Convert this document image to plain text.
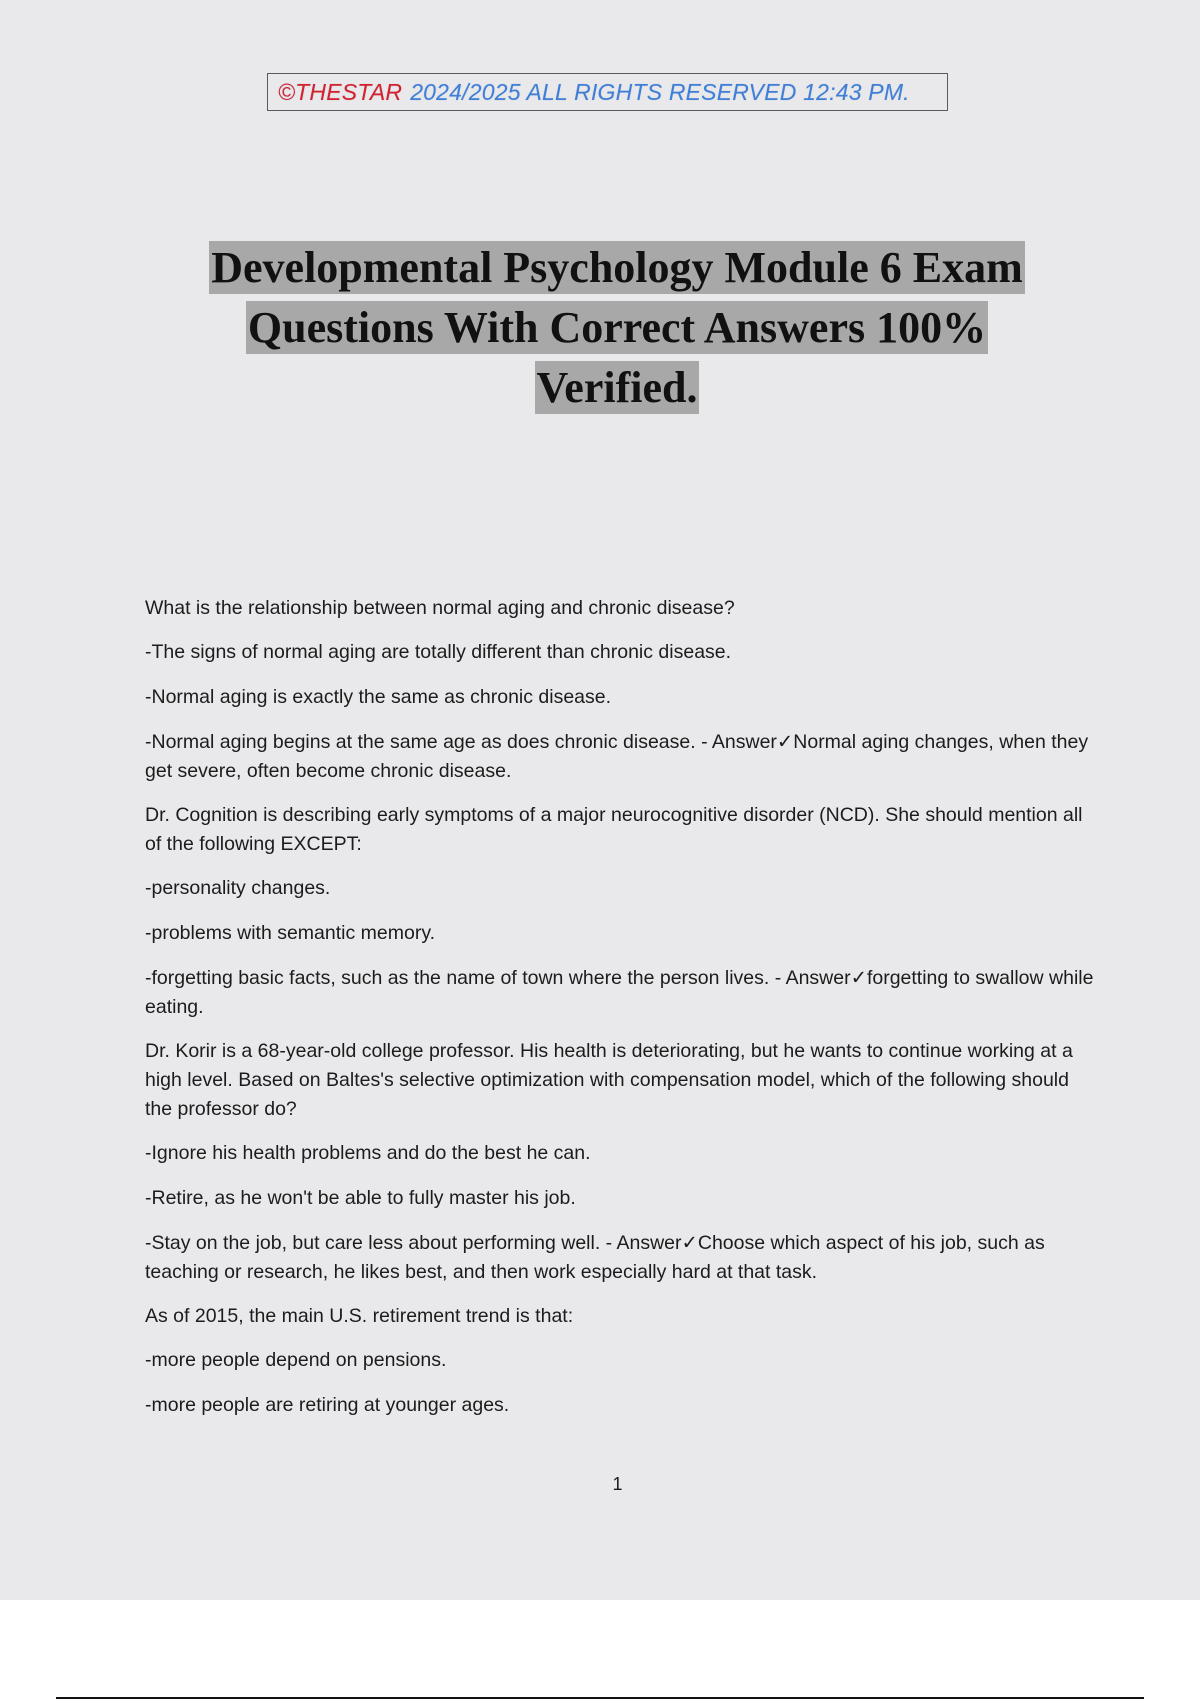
©THESTAR 2024/2025 ALL RIGHTS RESERVED 12:43 PM.
Developmental Psychology Module 6 Exam
Questions With Correct Answers 100%
Verified.

What is the relationship between normal aging and chronic disease?

-The signs of normal aging are totally different than chronic disease.

-Normal aging is exactly the same as chronic disease.

-Normal aging begins at the same age as does chronic disease. - Answer✓Normal aging changes, when they get severe, often become chronic disease.

Dr. Cognition is describing early symptoms of a major neurocognitive disorder (NCD). She should mention all of the following EXCEPT:

-personality changes.

-problems with semantic memory.

-forgetting basic facts, such as the name of town where the person lives. - Answer✓forgetting to swallow while eating.

Dr. Korir is a 68-year-old college professor. His health is deteriorating, but he wants to continue working at a high level. Based on Baltes's selective optimization with compensation model, which of the following should the professor do?

-Ignore his health problems and do the best he can.

-Retire, as he won't be able to fully master his job.

-Stay on the job, but care less about performing well. - Answer✓Choose which aspect of his job, such as teaching or research, he likes best, and then work especially hard at that task.

As of 2015, the main U.S. retirement trend is that:

-more people depend on pensions.

-more people are retiring at younger ages.

1
